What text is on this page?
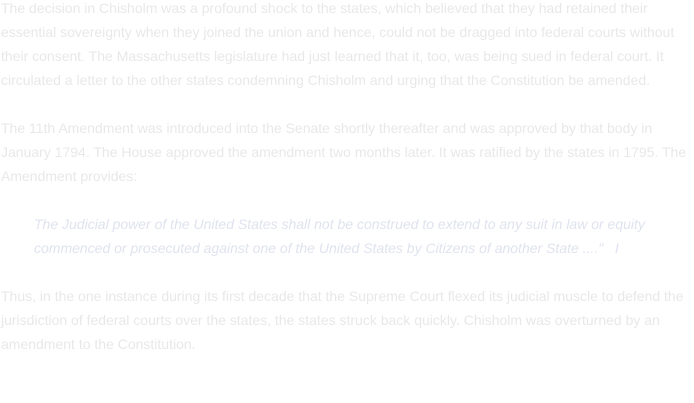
The decision in Chisholm was a profound shock to the states, which believed that they had retained their essential sovereignty when they joined the union and hence, could not be dragged into federal courts without their consent. The Massachusetts legislature had just learned that it, too, was being sued in federal court. It circulated a letter to the other states condemning Chisholm and urging that the Constitution be amended.

The 11th Amendment was introduced into the Senate shortly thereafter and was approved by that body in January 1794. The House approved the amendment two months later. It was ratified by the states in 1795. The Amendment provides:

The Judicial power of the United States shall not be construed to extend to any suit in law or equity commenced or prosecuted against one of the United States by Citizens of another State ...." I

Thus, in the one instance during its first decade that the Supreme Court flexed its judicial muscle to defend the jurisdiction of federal courts over the states, the states struck back quickly. Chisholm was overturned by an amendment to the Constitution.
